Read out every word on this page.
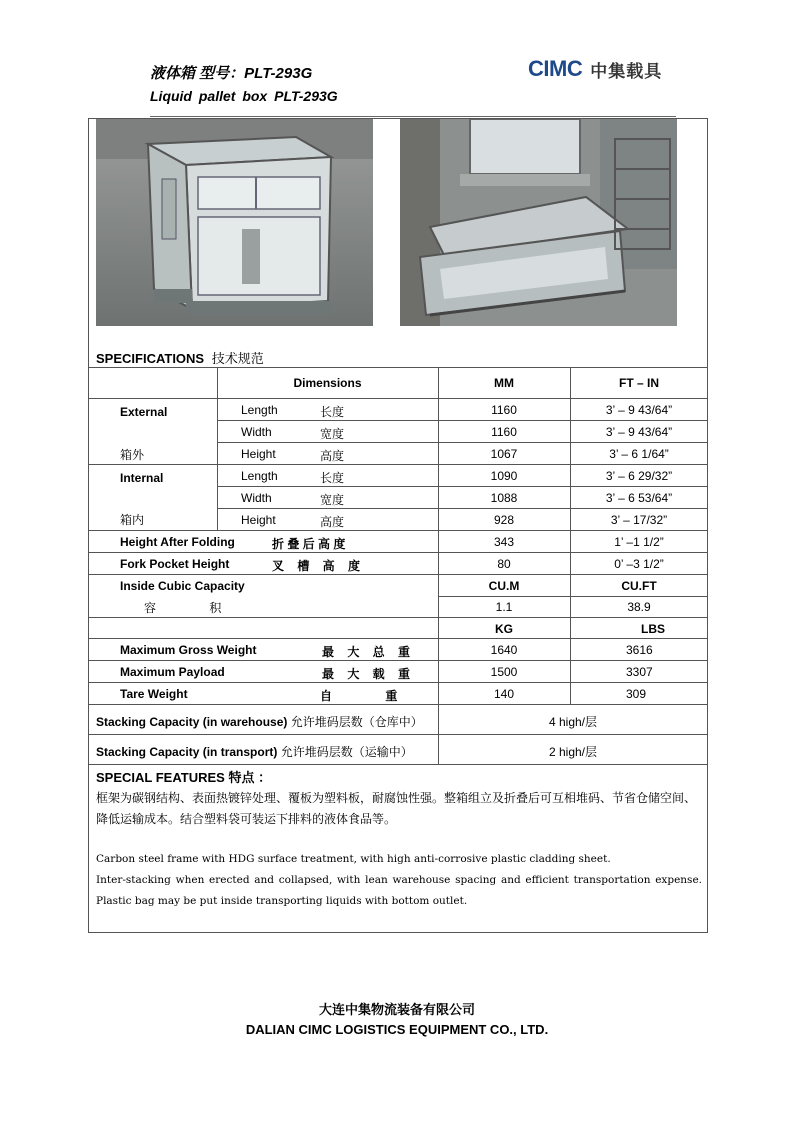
液体箱 型号：PLT-293G
Liquid pallet box PLT-293G
CIMC 中集载具
SPECIFICATIONS 技术规范
Dimensions	MM	FT – IN
External
箱外
Length	长度	1160	3’ – 9 43/64”
Width	宽度	1160	3’ – 9 43/64”
Height	高度	1067	3’ – 6 1/64”
Internal
箱内
Length	长度	1090	3’ – 6 29/32”
Width	宽度	1088	3’ – 6 53/64”
Height	高度	928	3’ – 17/32”
Height After Folding	折 叠 后 高 度	343	1’ –1 1/2”
Fork Pocket Height	叉    槽    高    度	80	0’ –3 1/2”
Inside Cubic Capacity
容                积
CU.M	CU.FT
1.1	38.9
KG	LBS
Maximum Gross Weight	最    大    总    重	1640	3616
Maximum Payload	最    大    载    重	1500	3307
Tare Weight	自                重	140	309
Stacking Capacity (in warehouse) 允许堆码层数（仓库中）	4 high/层
Stacking Capacity (in transport) 允许堆码层数（运输中）	2 high/层
SPECIAL FEATURES 特点 ：
框架为碳钢结构、表面热镀锌处理、覆板为塑料板，耐腐蚀性强。整箱组立及折叠后可互相堆码、节省仓储空间、降低运输成本。结合塑料袋可装运下排料的液体食品等。
Carbon steel frame with HDG surface treatment, with high anti-corrosive plastic cladding sheet.
Inter-stacking when erected and collapsed, with lean warehouse spacing and efficient transportation expense. Plastic bag may be put inside transporting liquids with bottom outlet.
大连中集物流装备有限公司
DALIAN CIMC LOGISTICS EQUIPMENT CO., LTD.
